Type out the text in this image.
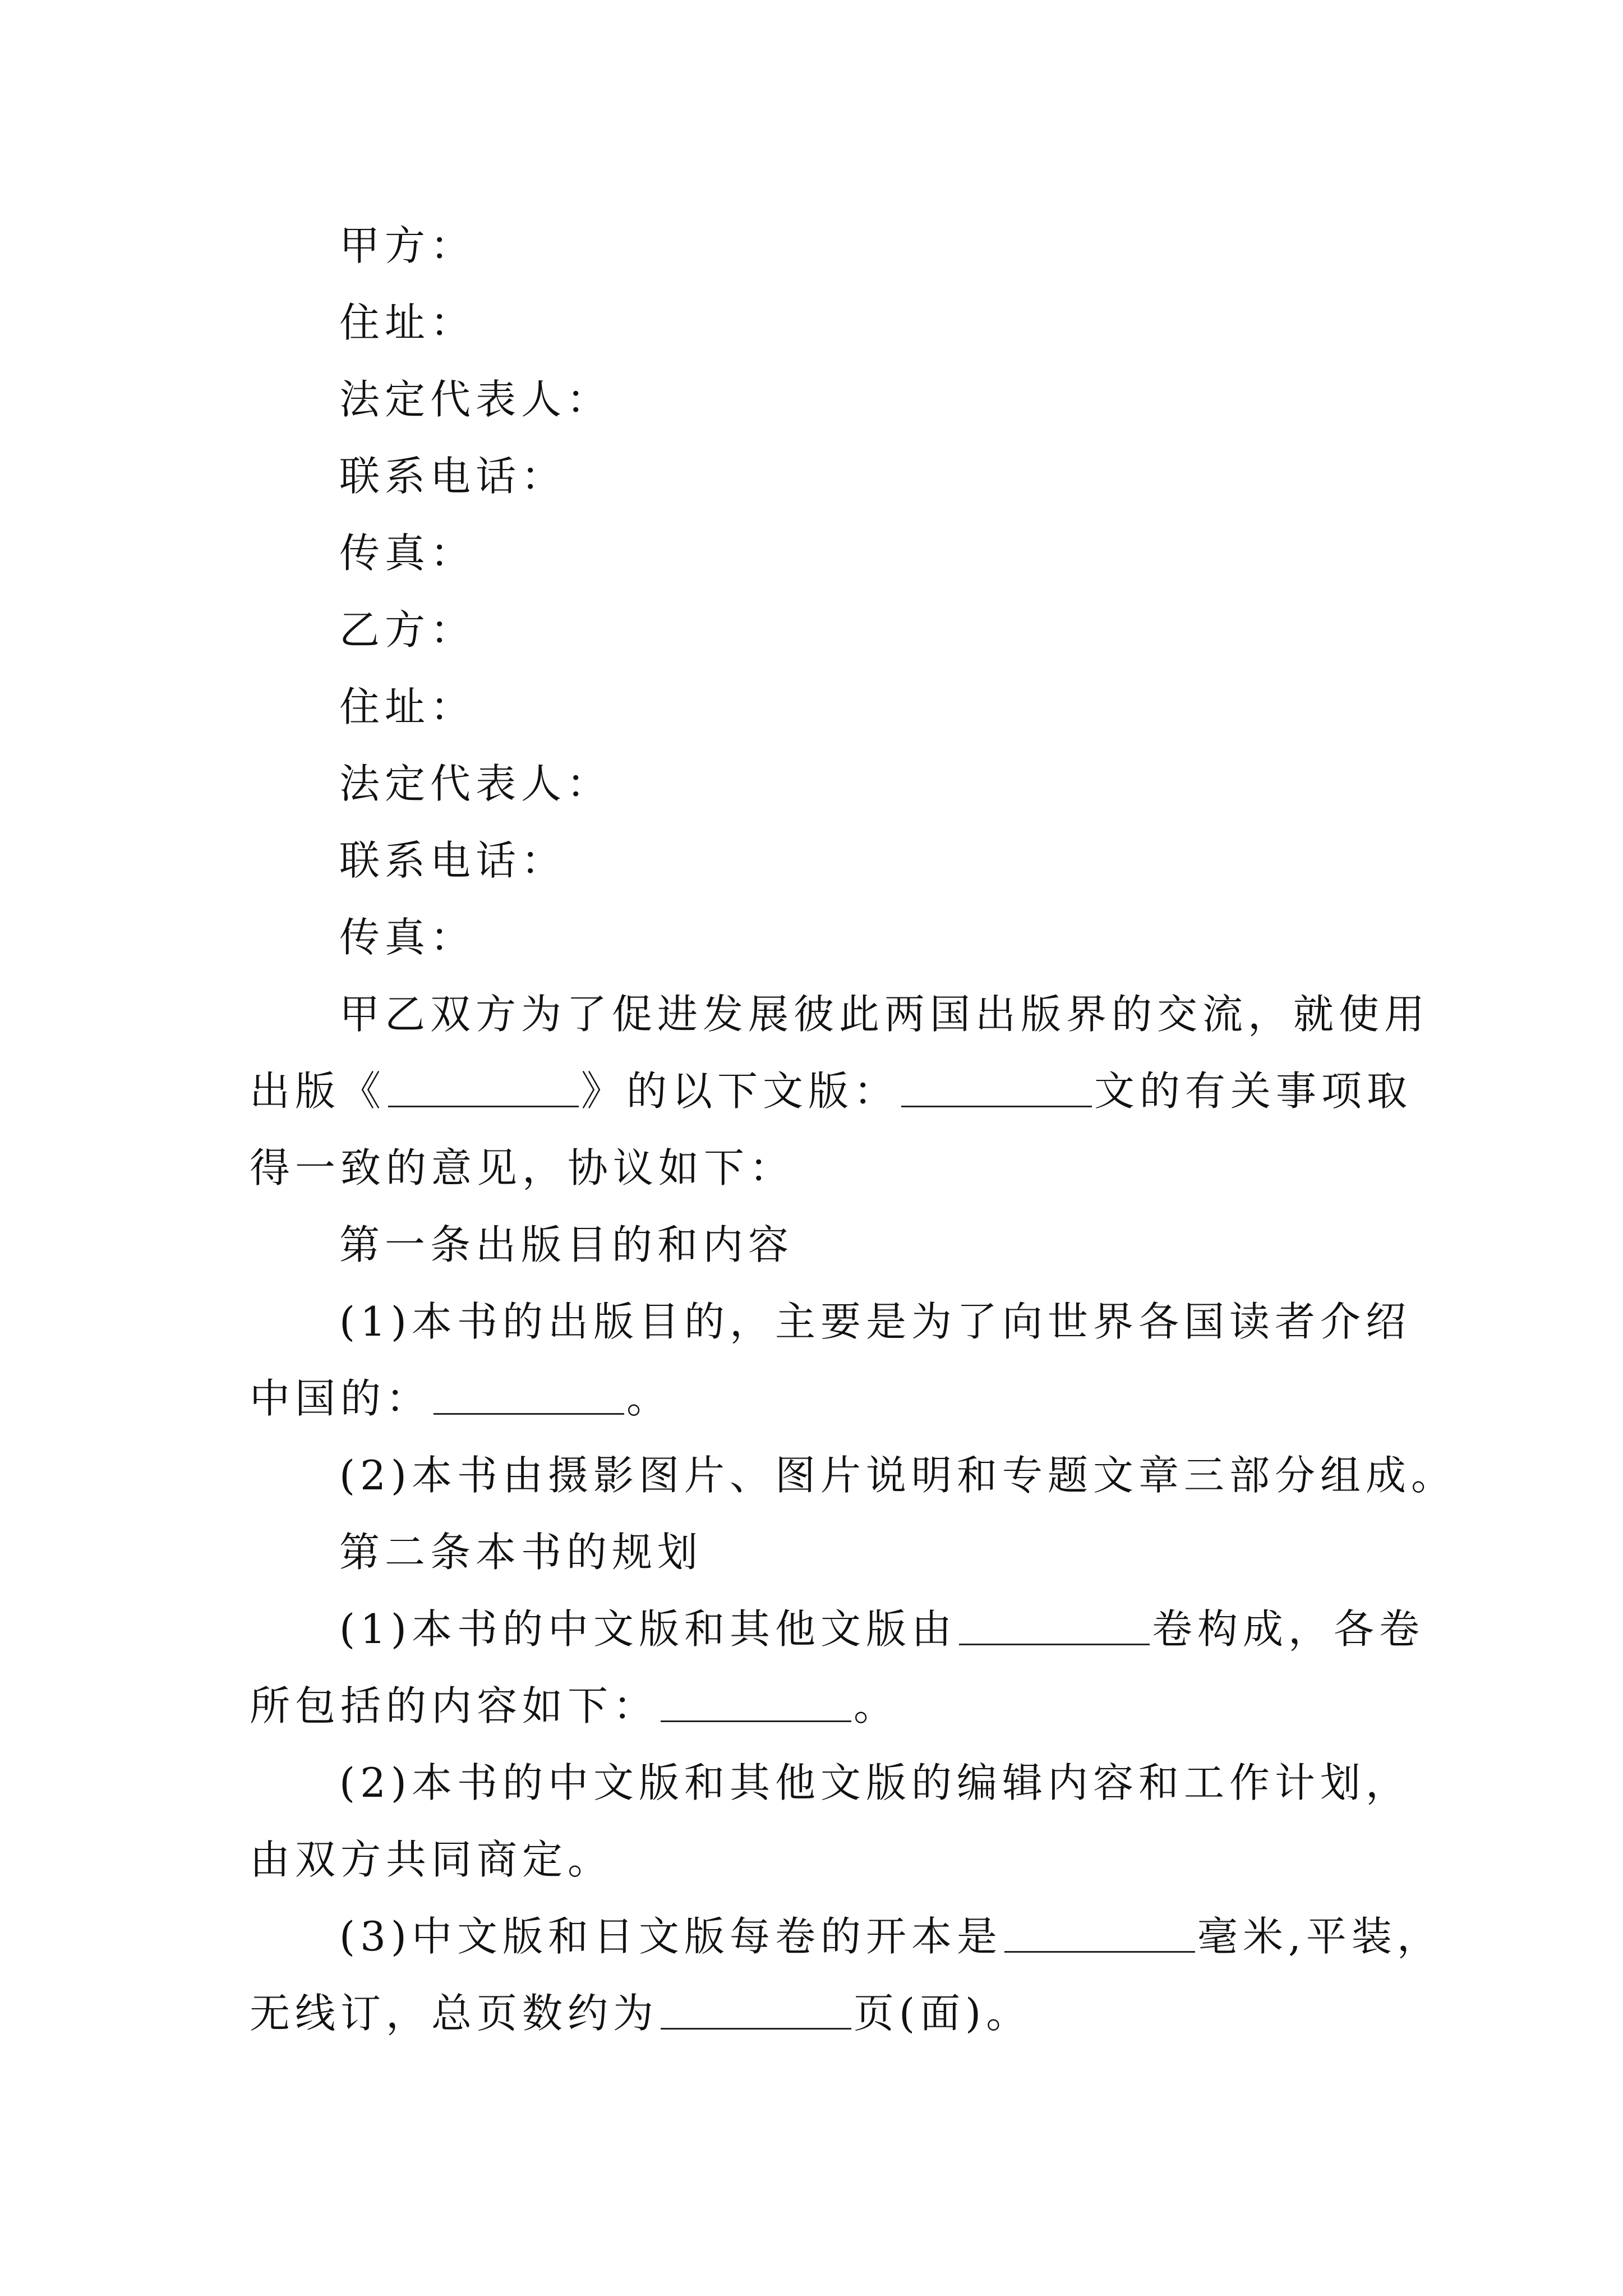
甲方：
住址：
法定代表人：
联系电话：
传真：
乙方：
住址：
法定代表人：
联系电话：
传真：
甲乙双方为了促进发展彼此两国出版界的交流，就使用
出版《	》的以下文版：	文的有关事项取
得一致的意见，协议如下：
第一条出版目的和内容
(1)本书的出版目的，主要是为了向世界各国读者介绍
中国的：	。
(2)本书由摄影图片、图片说明和专题文章三部分组成。
第二条本书的规划
(1)本书的中文版和其他文版由	卷构成，各卷
所包括的内容如下：	。
(2)本书的中文版和其他文版的编辑内容和工作计划，
由双方共同商定。
(3)中文版和日文版每卷的开本是	毫米,平装，
无线订，总页数约为	页(面)。
